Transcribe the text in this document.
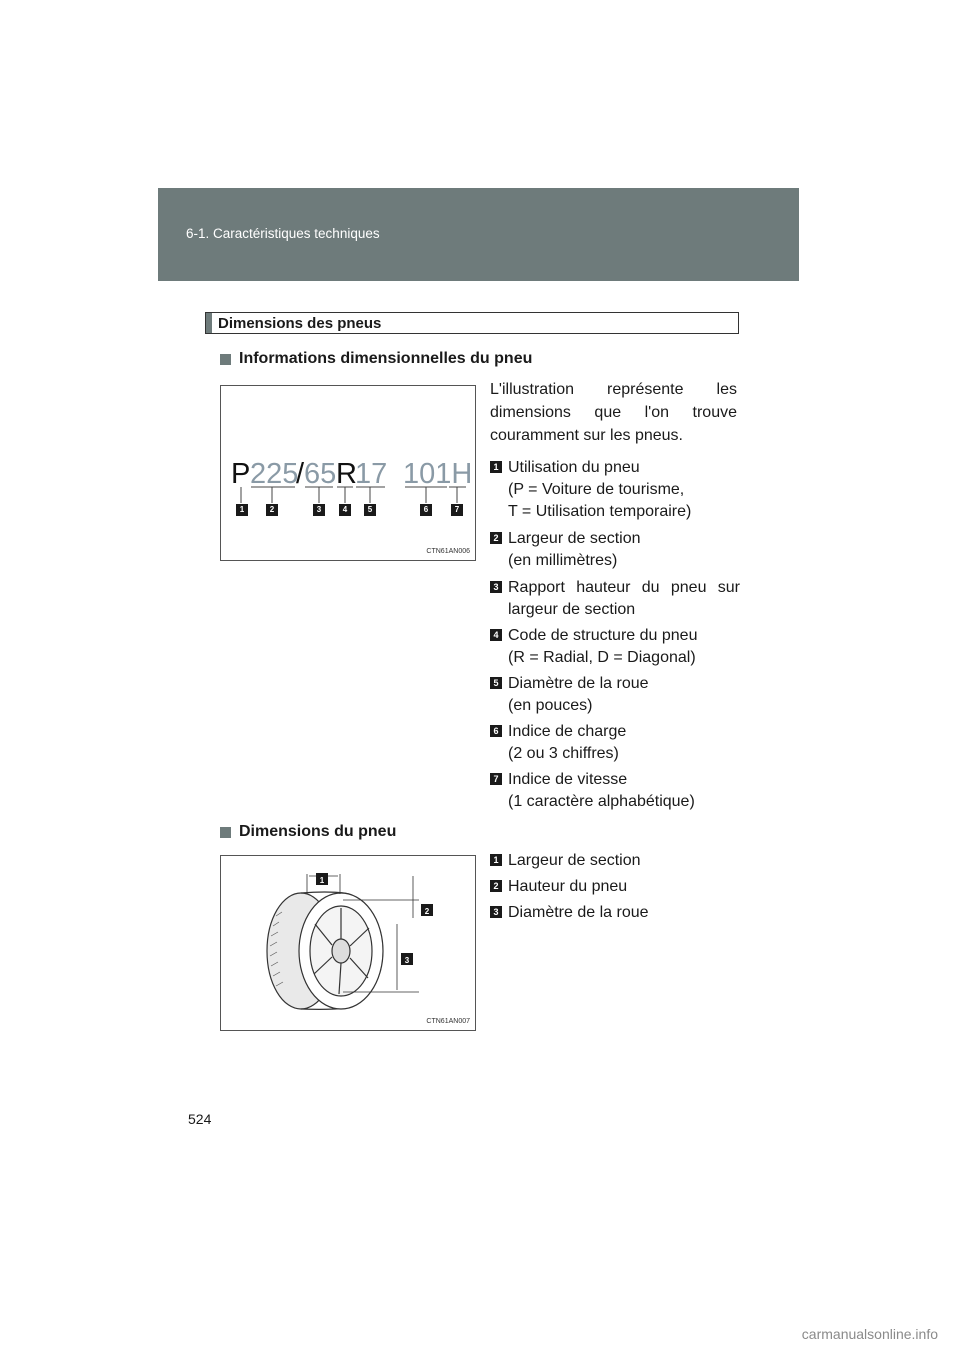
6-1. Caractéristiques techniques
Dimensions des pneus
Informations dimensionnelles du pneu
P 225
/ 65 R
17 101H
1	2	3	4	5	6	7
CTN61AN006
L'illustration représente les dimensions que l'on trouve couramment sur les pneus.
1 Utilisation du pneu
(P = Voiture de tourisme,
T = Utilisation temporaire)
2 Largeur de section
(en millimètres)
3 Rapport hauteur du pneu sur
largeur de section
4 Code de structure du pneu
(R = Radial, D = Diagonal)
5 Diamètre de la roue
(en pouces)
6 Indice de charge
(2 ou 3 chiffres)
7 Indice de vitesse
(1 caractère alphabétique)
Dimensions du pneu
1
2
3
CTN61AN007
1 Largeur de section
2 Hauteur du pneu
3 Diamètre de la roue
524
carmanualsonline.info
